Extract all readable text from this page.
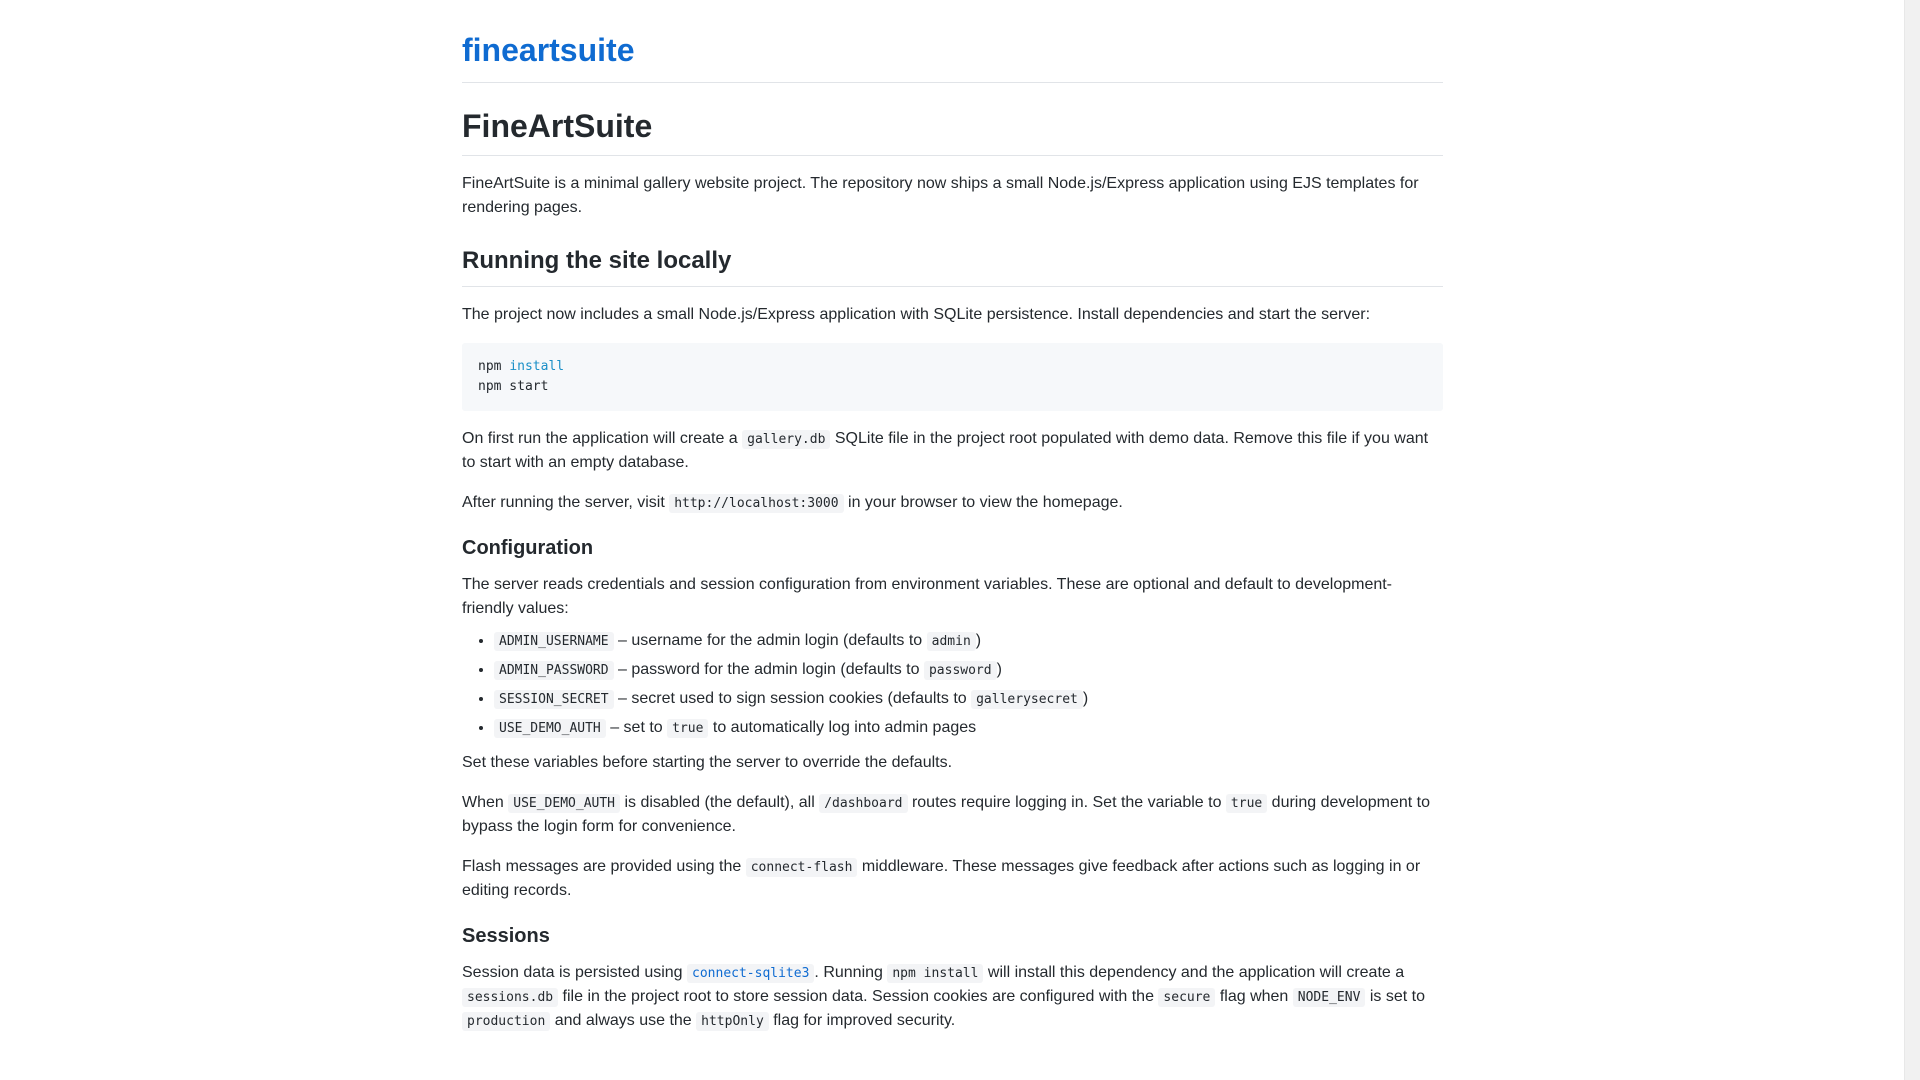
fineartsuite
FineArtSuite

FineArtSuite is a minimal gallery website project. The repository now ships a small Node.js/Express application using EJS templates for rendering pages.

Running the site locally

The project now includes a small Node.js/Express application with SQLite persistence. Install dependencies and start the server:

npm install
npm start

On first run the application will create a gallery.db SQLite file in the project root populated with demo data. Remove this file if you want to start with an empty database.

After running the server, visit http://localhost:3000 in your browser to view the homepage.

Configuration

The server reads credentials and session configuration from environment variables. These are optional and default to development-friendly values:

• ADMIN_USERNAME – username for the admin login (defaults to admin )
• ADMIN_PASSWORD – password for the admin login (defaults to password )
• SESSION_SECRET – secret used to sign session cookies (defaults to gallerysecret )
• USE_DEMO_AUTH – set to true to automatically log into admin pages

Set these variables before starting the server to override the defaults.

When USE_DEMO_AUTH is disabled (the default), all /dashboard routes require logging in. Set the variable to true during development to bypass the login form for convenience.

Flash messages are provided using the connect-flash middleware. These messages give feedback after actions such as logging in or editing records.

Sessions

Session data is persisted using connect-sqlite3 . Running npm install will install this dependency and the application will create a sessions.db file in the project root to store session data. Session cookies are configured with the secure flag when NODE_ENV is set to production and always use the httpOnly flag for improved security.
